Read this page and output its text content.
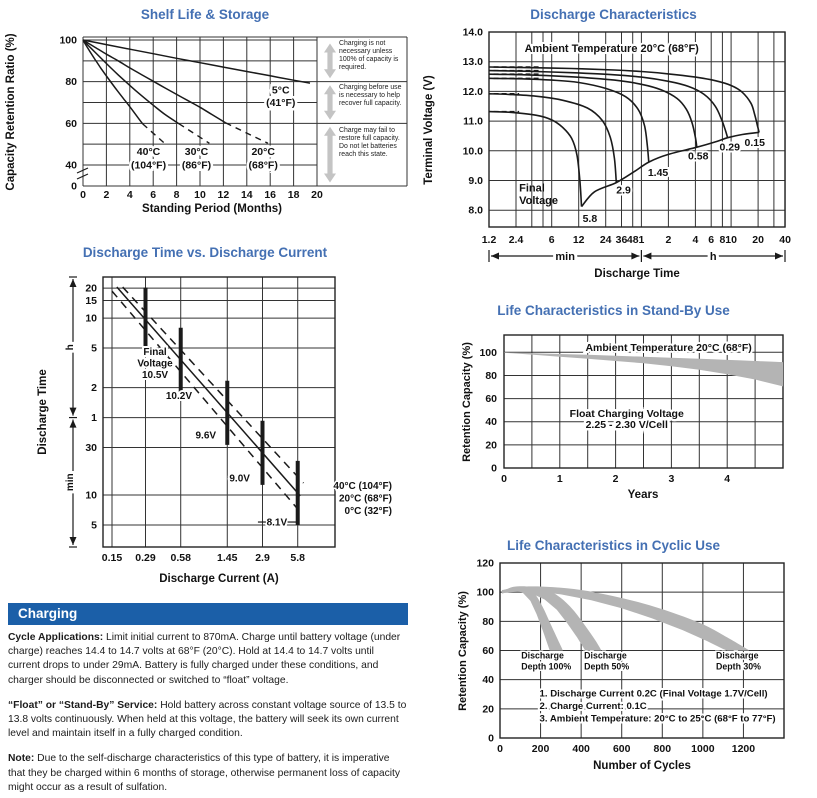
Shelf Life & Storage	Discharge Characteristics
Discharge Time vs. Discharge Current
Life Characteristics in Stand-By Use
Life Characteristics in Cyclic Use
100
80
60
40
0
0 2 4 6 8 10 12 14 16 18 20
Standing Period (Months)
Capacity Retention Ratio (%)	5°C
(41°F)
20°C
(68°F)
30°C
(86°F)
40°C
(104°F)
14.0
13.0
12.0
11.0
10.0
9.0
8.0
1.2 2.4 6 12 24 36 48 1 2 4 6 8 10 20 40
0.15
0.29
0.58
1.45
2.9
5.8
Ambient Temperature 20°C (68°F)
Final
Voltage
min	h
Discharge Time
Terminal Voltage (V)
20
15
10
5
2
1
30
10
5
0.15 0.29 0.58 1.45 2.9 5.8
Discharge Current (A)
Final
Voltage
10.5V
10.2V
9.6V
9.0V
8.1V
40°C (104°F)
20°C (68°F)
0°C (32°F)
h
min
Discharge Time
0
20
40
60
80
100
0	1	2	3	4
Years
Retention Capacity (%)	Ambient Temperature 20°C (68°F)
Float Charging Voltage
2.25 - 2.30 V/Cell
0
20
40
60
80
100
120
0	200 400 600 800 1000 1200
Number of Cycles
Retention Capacity (%)	Discharge
Depth 100%
Discharge
Depth 50%
Discharge
Depth 30%
1. Discharge Current 0.2C (Final Voltage 1.7V/Cell)
2. Charge Current: 0.1C
3. Ambient Temperature: 20°C to 25°C (68°F to 77°F)
Charging is not necessary unless 100% of capacity is required.
Charging before use is necessary to help recover full capacity.
Charge may fail to restore full capacity. Do not let batteries reach this state.
Charging

Cycle Applications: Limit initial current to 870mA. Charge until battery voltage (under charge) reaches 14.4 to 14.7 volts at 68°F (20°C). Hold at 14.4 to 14.7 volts until current drops to under 29mA. Battery is fully charged under these conditions, and charger should be disconnected or switched to “float” voltage.

“Float” or “Stand-By” Service: Hold battery across constant voltage source of 13.5 to 13.8 volts continuously. When held at this voltage, the battery will seek its own current level and maintain itself in a fully charged condition.

Note: Due to the self-discharge characteristics of this type of battery, it is imperative that they be charged within 6 months of storage, otherwise permanent loss of capacity might occur as a result of sulfation.
